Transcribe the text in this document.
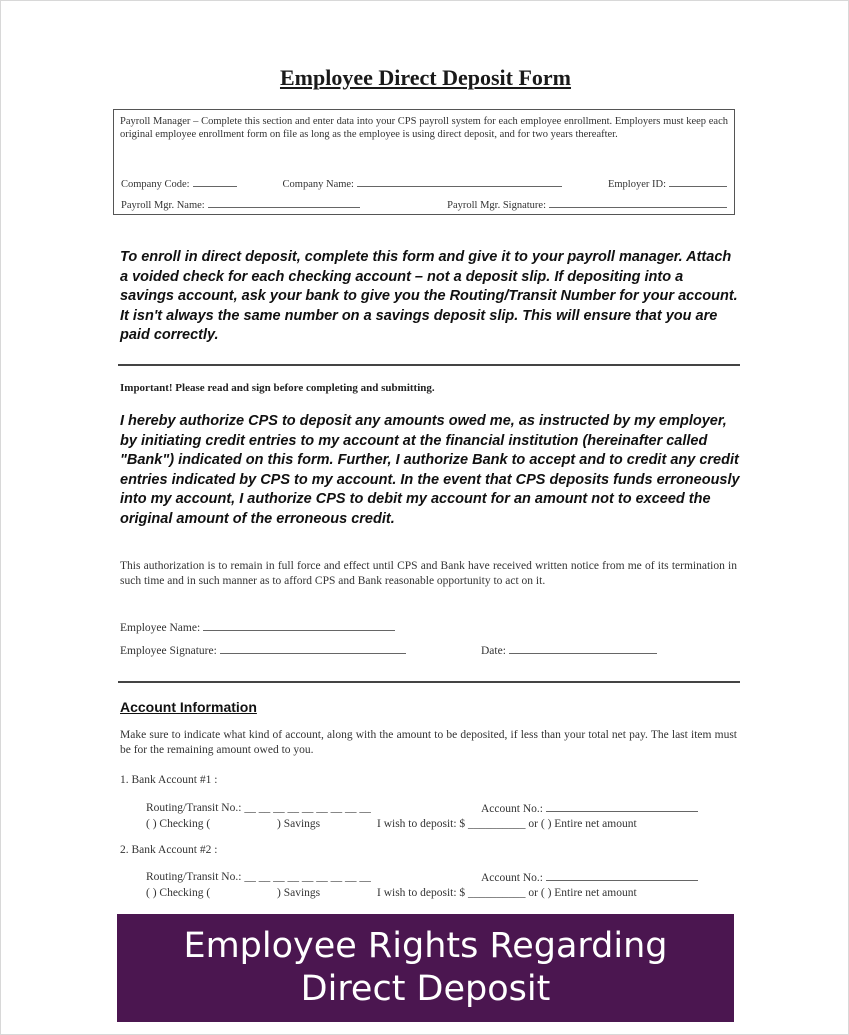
Employee Direct Deposit Form

Payroll Manager – Complete this section and enter data into your CPS payroll system for each employee enrollment. Employers must keep each original employee enrollment form on file as long as the employee is using direct deposit, and for two years thereafter.

Company Code:	Company Name:	Employer ID:
Payroll Mgr. Name:	Payroll Mgr. Signature:
To enroll in direct deposit, complete this form and give it to your payroll manager. Attach a voided check for each checking account – not a deposit slip. If depositing into a savings account, ask your bank to give you the Routing/Transit Number for your account. It isn't always the same number on a savings deposit slip. This will ensure that you are paid correctly.
Important! Please read and sign before completing and submitting.
I hereby authorize CPS to deposit any amounts owed me, as instructed by my employer, by initiating credit entries to my account at the financial institution (hereinafter called "Bank") indicated on this form. Further, I authorize Bank to accept and to credit any credit entries indicated by CPS to my account. In the event that CPS deposits funds erroneously into my account, I authorize CPS to debit my account for an amount not to exceed the original amount of the erroneous credit.
This authorization is to remain in full force and effect until CPS and Bank have received written notice from me of its termination in such time and in such manner as to afford CPS and Bank reasonable opportunity to act on it.
Employee Name:
Employee Signature:	Date:
Account Information
Make sure to indicate what kind of account, along with the amount to be deposited, if less than your total net pay. The last item must be for the remaining amount owed to you.
1. Bank Account #1 :
Routing/Transit No.: __ __ __ __ __ __ __ __ __	Account No.:
( ) Checking (	) Savings	I wish to deposit: $ __________ or ( ) Entire net amount
2. Bank Account #2 :
Routing/Transit No.: __ __ __ __ __ __ __ __ __	Account No.:
( ) Checking (	) Savings	I wish to deposit: $ __________ or ( ) Entire net amount
Employee Rights Regarding
Direct Deposit
